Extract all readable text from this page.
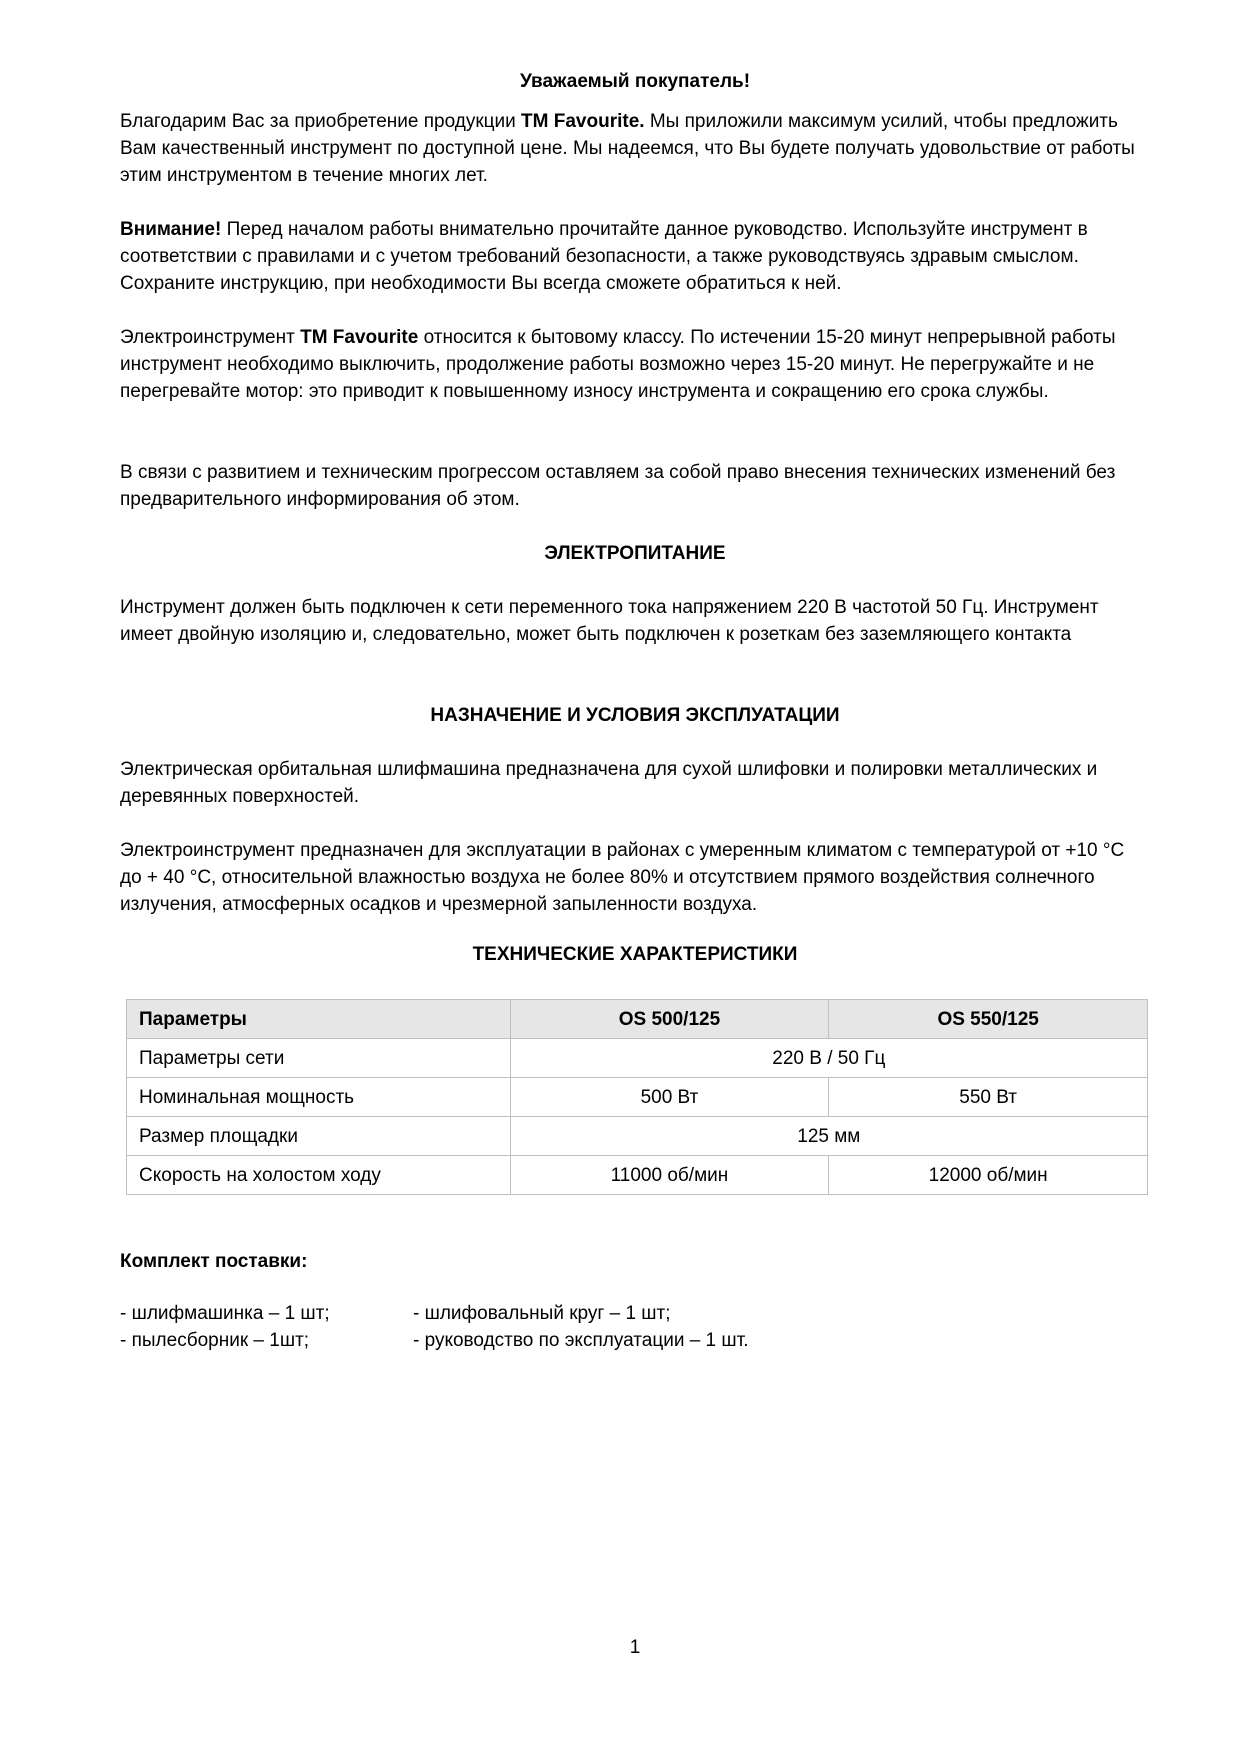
Уважаемый покупатель!

Благодарим Вас за приобретение продукции ТМ Favourite. Мы приложили максимум усилий, чтобы предложить Вам качественный инструмент по доступной цене. Мы надеемся, что Вы будете получать удовольствие от работы этим инструментом в течение многих лет.

Внимание! Перед началом работы внимательно прочитайте данное руководство. Используйте инструмент в соответствии с правилами и с учетом требований безопасности, а также руководствуясь здравым смыслом. Сохраните инструкцию, при необходимости Вы всегда сможете обратиться к ней.

Электроинструмент ТМ Favourite относится к бытовому классу. По истечении 15-20 минут непрерывной работы инструмент необходимо выключить, продолжение работы возможно через 15-20 минут. Не перегружайте и не перегревайте мотор: это приводит к повышенному износу инструмента и сокращению его срока службы.

В связи с развитием и техническим прогрессом оставляем за собой право внесения технических изменений без предварительного информирования об этом.

ЭЛЕКТРОПИТАНИЕ

Инструмент должен быть подключен к сети переменного тока напряжением 220 В частотой 50 Гц. Инструмент имеет двойную изоляцию и, следовательно, может быть подключен к розеткам без заземляющего контакта

НАЗНАЧЕНИЕ И УСЛОВИЯ ЭКСПЛУАТАЦИИ

Электрическая орбитальная шлифмашина предназначена для сухой шлифовки и полировки металлических и деревянных поверхностей.

Электроинструмент предназначен для эксплуатации в районах с умеренным климатом с температурой от +10 °С до + 40 °С, относительной влажностью воздуха не более 80% и отсутствием прямого воздействия солнечного излучения, атмосферных осадков и чрезмерной запыленности воздуха.

ТЕХНИЧЕСКИЕ ХАРАКТЕРИСТИКИ

Параметры	OS 500/125	OS 550/125
Параметры сети	220 В / 50 Гц	
Номинальная мощность	500 Вт	550 Вт
Размер площадки	125 мм	
Скорость на холостом ходу	11000 об/мин	12000 об/мин
Комплект поставки:
- шлифмашинка – 1 шт;	- шлифовальный круг – 1 шт;
- пылесборник – 1шт;	- руководство по эксплуатации – 1 шт.
1
